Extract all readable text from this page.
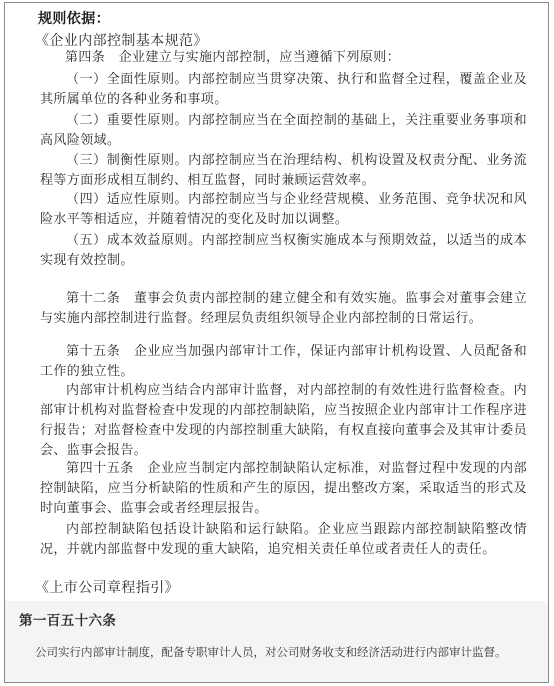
规则依据：
《企业内部控制基本规范》
第四条　企业建立与实施内部控制，应当遵循下列原则：
（一）全面性原则。内部控制应当贯穿决策、执行和监督全过程，覆盖企业及其所属单位的各种业务和事项。
（二）重要性原则。内部控制应当在全面控制的基础上，关注重要业务事项和高风险领域。
（三）制衡性原则。内部控制应当在治理结构、机构设置及权责分配、业务流程等方面形成相互制约、相互监督，同时兼顾运营效率。
（四）适应性原则。内部控制应当与企业经营规模、业务范围、竞争状况和风险水平等相适应，并随着情况的变化及时加以调整。
（五）成本效益原则。内部控制应当权衡实施成本与预期效益，以适当的成本实现有效控制。
第十二条　董事会负责内部控制的建立健全和有效实施。监事会对董事会建立与实施内部控制进行监督。经理层负责组织领导企业内部控制的日常运行。
第十五条　企业应当加强内部审计工作，保证内部审计机构设置、人员配备和工作的独立性。
内部审计机构应当结合内部审计监督，对内部控制的有效性进行监督检查。内部审计机构对监督检查中发现的内部控制缺陷，应当按照企业内部审计工作程序进行报告；对监督检查中发现的内部控制重大缺陷，有权直接向董事会及其审计委员会、监事会报告。
第四十五条　企业应当制定内部控制缺陷认定标准，对监督过程中发现的内部控制缺陷，应当分析缺陷的性质和产生的原因，提出整改方案，采取适当的形式及时向董事会、监事会或者经理层报告。
内部控制缺陷包括设计缺陷和运行缺陷。企业应当跟踪内部控制缺陷整改情况，并就内部监督中发现的重大缺陷，追究相关责任单位或者责任人的责任。
《上市公司章程指引》
第一百五十六条
公司实行内部审计制度，配备专职审计人员，对公司财务收支和经济活动进行内部审计监督。
